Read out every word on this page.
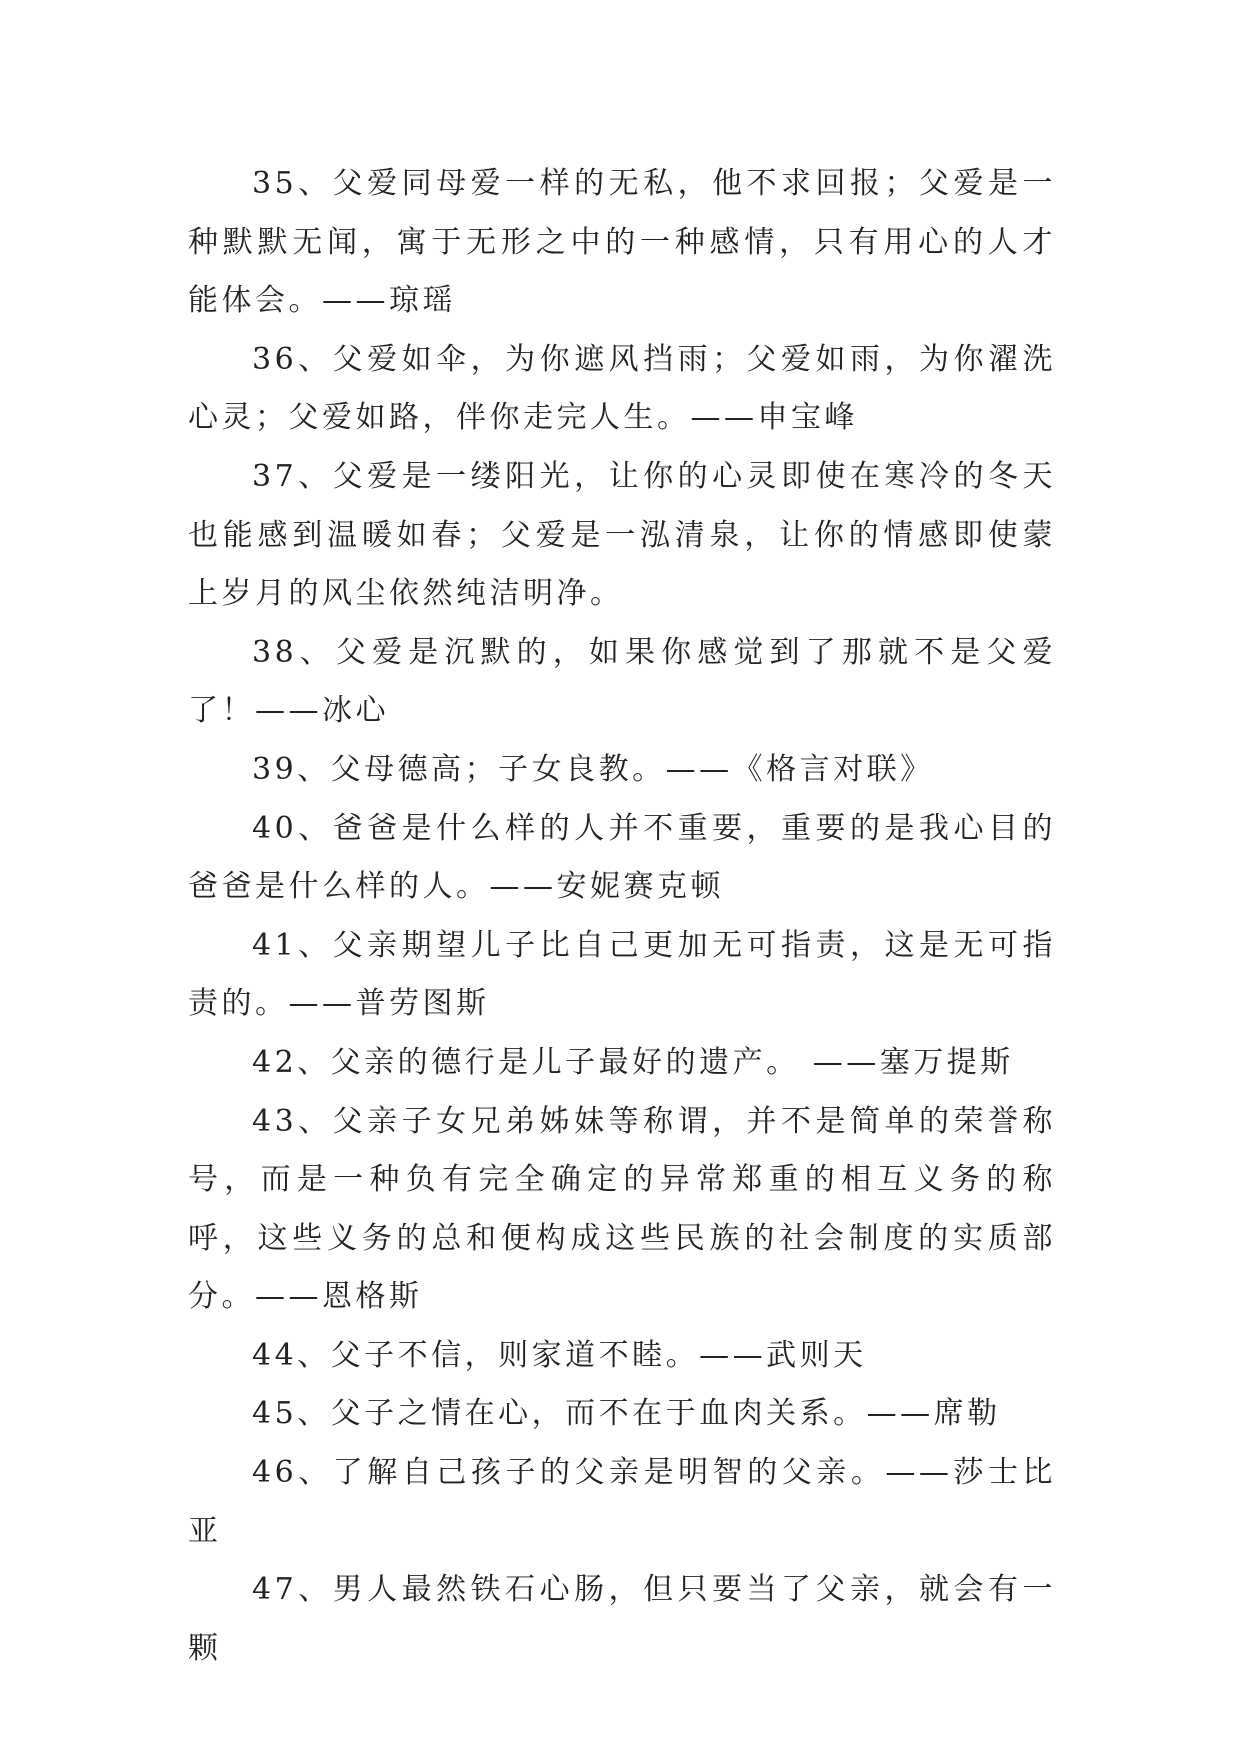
35、父爱同母爱一样的无私，他不求回报；父爱是一种默默无闻，寓于无形之中的一种感情，只有用心的人才能体会。——琼瑶

36、父爱如伞，为你遮风挡雨；父爱如雨，为你濯洗心灵；父爱如路，伴你走完人生。——申宝峰

37、父爱是一缕阳光，让你的心灵即使在寒冷的冬天也能感到温暖如春；父爱是一泓清泉，让你的情感即使蒙上岁月的风尘依然纯洁明净。

38、父爱是沉默的，如果你感觉到了那就不是父爱了！——冰心

39、父母德高；子女良教。——《格言对联》

40、爸爸是什么样的人并不重要，重要的是我心目的爸爸是什么样的人。——安妮赛克顿

41、父亲期望儿子比自己更加无可指责，这是无可指责的。——普劳图斯

42、父亲的德行是儿子最好的遗产。 ——塞万提斯

43、父亲子女兄弟姊妹等称谓，并不是简单的荣誉称号，而是一种负有完全确定的异常郑重的相互义务的称呼，这些义务的总和便构成这些民族的社会制度的实质部分。——恩格斯

44、父子不信，则家道不睦。——武则天

45、父子之情在心，而不在于血肉关系。——席勒

46、了解自己孩子的父亲是明智的父亲。——莎士比亚

47、男人最然铁石心肠，但只要当了父亲，就会有一颗
